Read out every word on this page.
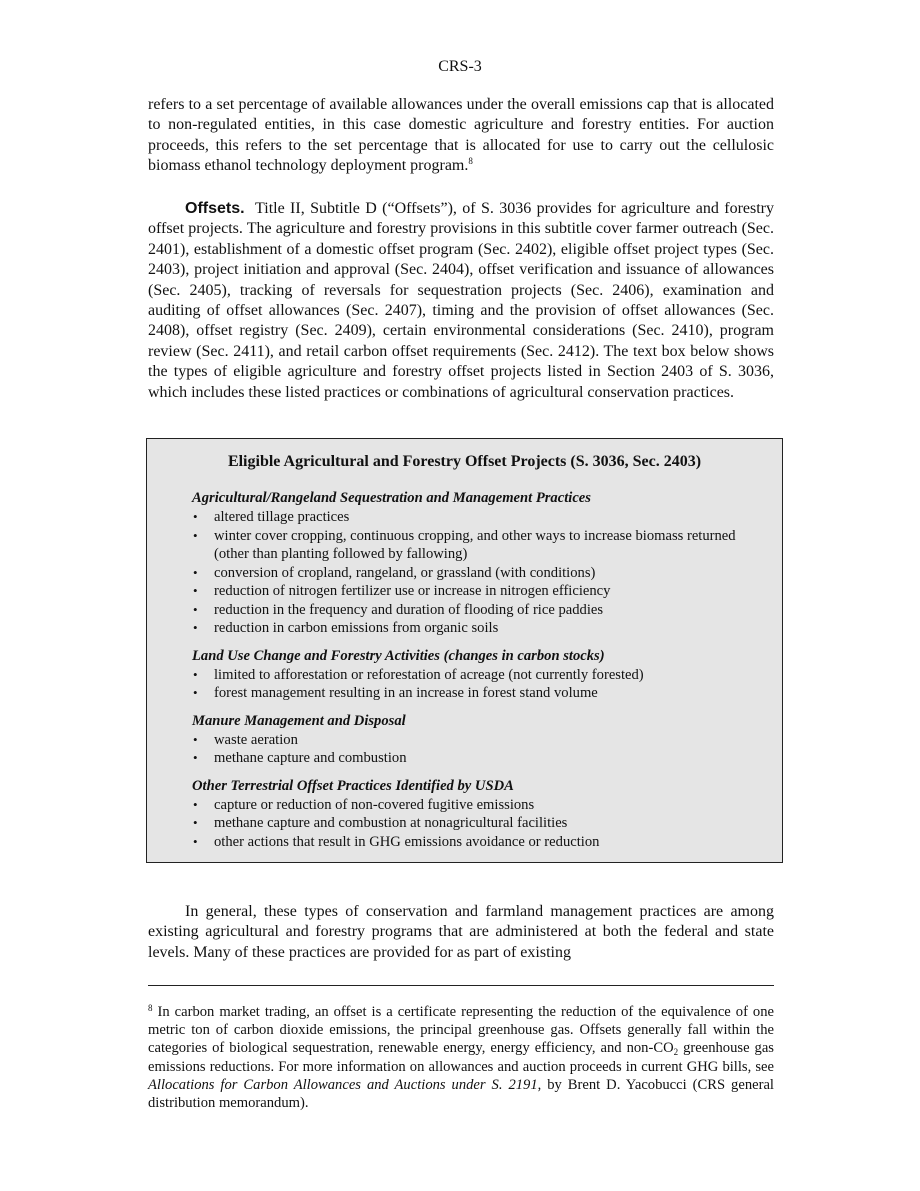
CRS-3

refers to a set percentage of available allowances under the overall emissions cap that is allocated to non-regulated entities, in this case domestic agriculture and forestry entities. For auction proceeds, this refers to the set percentage that is allocated for use to carry out the cellulosic biomass ethanol technology deployment program.$^8$

Offsets. Title II, Subtitle D (“Offsets”), of S. 3036 provides for agriculture and forestry offset projects. The agriculture and forestry provisions in this subtitle cover farmer outreach (Sec. 2401), establishment of a domestic offset program (Sec. 2402), eligible offset project types (Sec. 2403), project initiation and approval (Sec. 2404), offset verification and issuance of allowances (Sec. 2405), tracking of reversals for sequestration projects (Sec. 2406), examination and auditing of offset allowances (Sec. 2407), timing and the provision of offset allowances (Sec. 2408), offset registry (Sec. 2409), certain environmental considerations (Sec. 2410), program review (Sec. 2411), and retail carbon offset requirements (Sec. 2412). The text box below shows the types of eligible agriculture and forestry offset projects listed in Section 2403 of S. 3036, which includes these listed practices or combinations of agricultural conservation practices.

Eligible Agricultural and Forestry Offset Projects (S. 3036, Sec. 2403)
Agricultural/Rangeland Sequestration and Management Practices
• altered tillage practices
• winter cover cropping, continuous cropping, and other ways to increase biomass returned (other than planting followed by fallowing)
• conversion of cropland, rangeland, or grassland (with conditions)
• reduction of nitrogen fertilizer use or increase in nitrogen efficiency
• reduction in the frequency and duration of flooding of rice paddies
• reduction in carbon emissions from organic soils
Land Use Change and Forestry Activities (changes in carbon stocks)
• limited to afforestation or reforestation of acreage (not currently forested)
• forest management resulting in an increase in forest stand volume
Manure Management and Disposal
• waste aeration
• methane capture and combustion
Other Terrestrial Offset Practices Identified by USDA
• capture or reduction of non-covered fugitive emissions
• methane capture and combustion at nonagricultural facilities
• other actions that result in GHG emissions avoidance or reduction

In general, these types of conservation and farmland management practices are among existing agricultural and forestry programs that are administered at both the federal and state levels. Many of these practices are provided for as part of existing

$^8$ In carbon market trading, an offset is a certificate representing the reduction of the equivalence of one metric ton of carbon dioxide emissions, the principal greenhouse gas. Offsets generally fall within the categories of biological sequestration, renewable energy, energy efficiency, and non-$CO_2$ greenhouse gas emissions reductions. For more information on allowances and auction proceeds in current GHG bills, see Allocations for Carbon Allowances and Auctions under S. 2191, by Brent D. Yacobucci (CRS general distribution memorandum).
